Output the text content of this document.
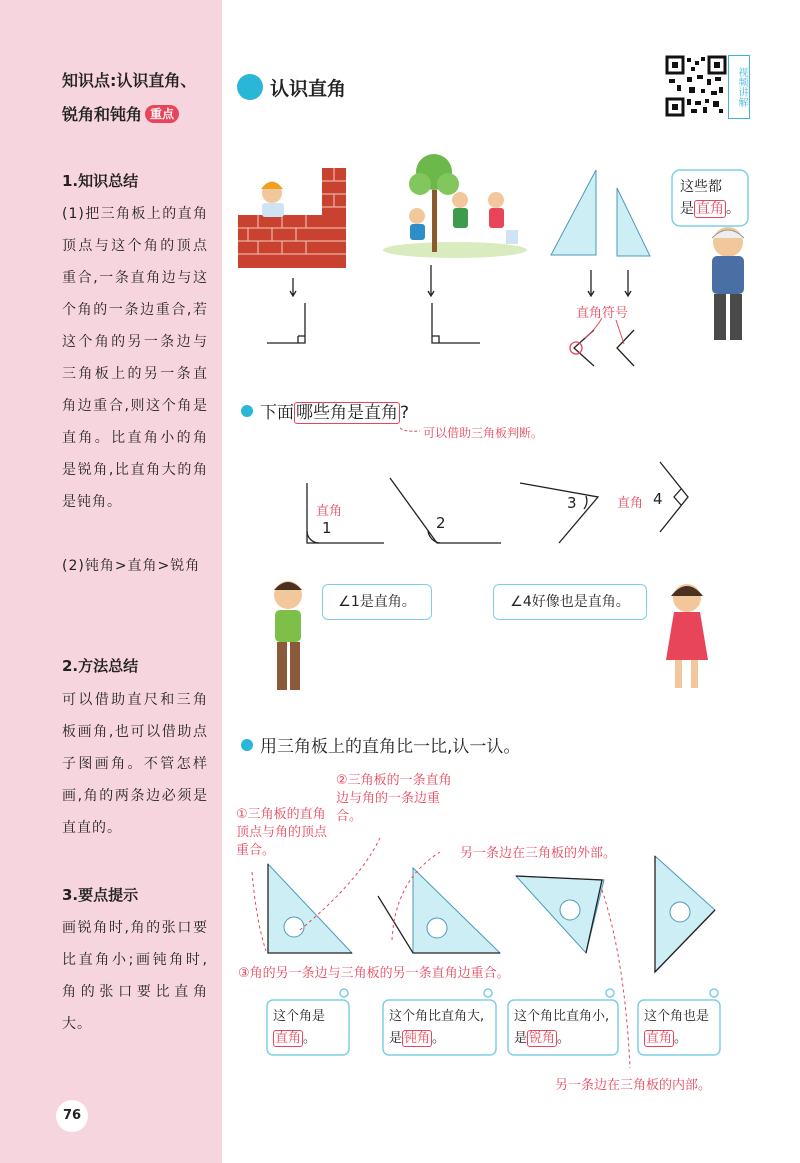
知识点:认识直角、锐角和钝角 重点
1.知识总结
(1)把三角板上的直角顶点与这个角的顶点重合,一条直角边与这个角的一条边重合,若这个角的另一条边与三角板上的另一条直角边重合,则这个角是直角。比直角小的角是锐角,比直角大的角是钝角。
(2)钝角>直角>锐角
2.方法总结
可以借助直尺和三角板画角,也可以借助点子图画角。不管怎样画,角的两条边必须是直直的。
3.要点提示
画锐角时,角的张口要比直角小;画钝角时,角的张口要比直角大。
76
认识直角	视频讲解
这些都
是 直角 。
直角符号
下面 哪些角是直角 ?
可以借助三角板判断。
直角
1	2
3	直角 4
∠1是直角。	∠4好像也是直角。
用三角板上的直角比一比,认一认。
②三角板的一条直角边与角的一条边重合。
①三角板的直角顶点与角的顶点重合。	另一条边在三角板的外部。
③角的另一条边与三角板的另一条直角边重合。
这个角是
直角 。
这个角比直角大,是 钝角 。
这个角比直角小,是 锐角 。
这个角也是直角 。
另一条边在三角板的内部。
